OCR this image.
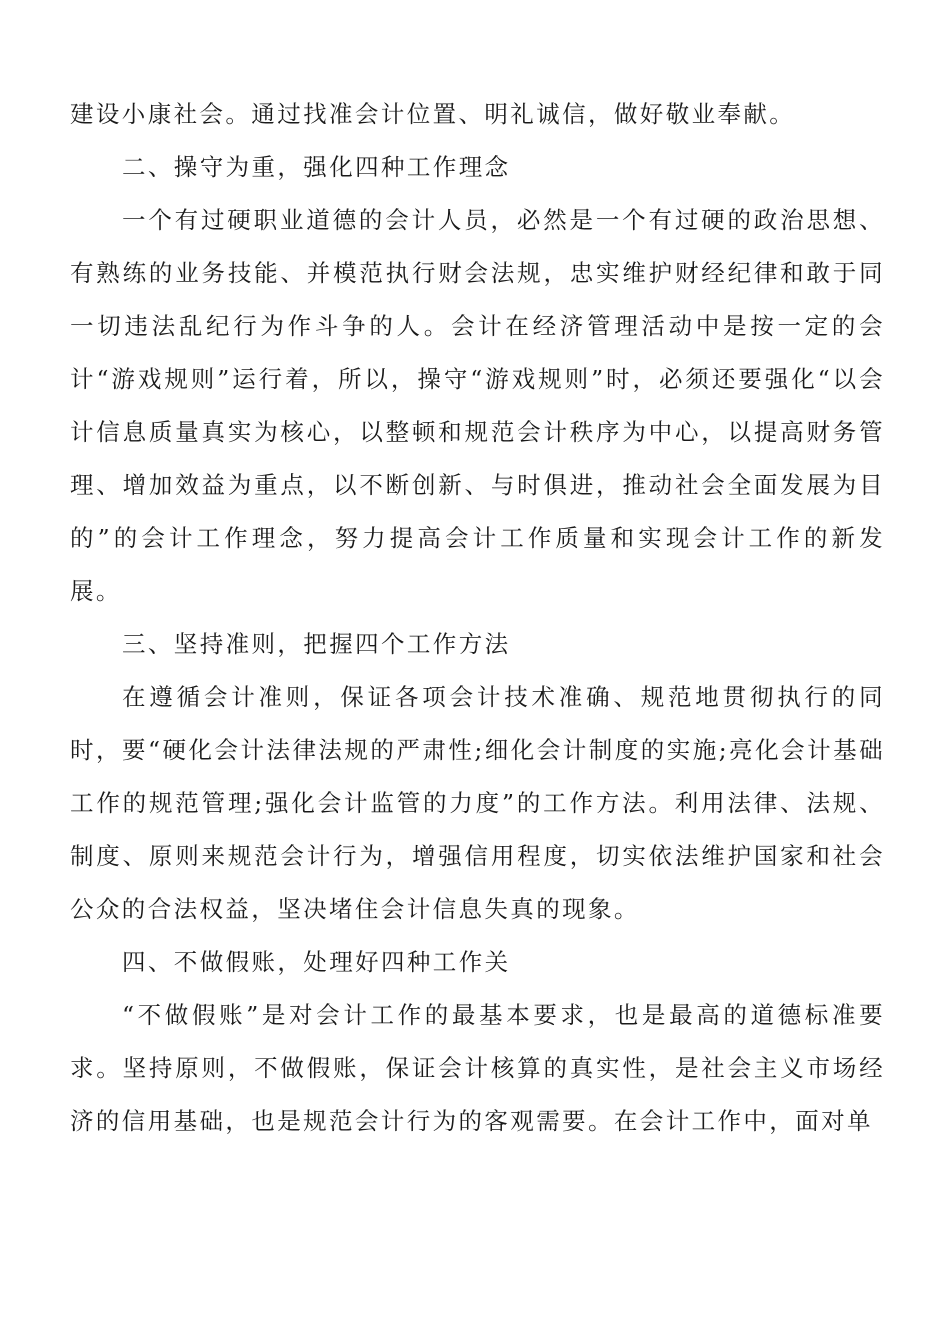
建设小康社会。通过找准会计位置、明礼诚信，做好敬业奉献。

二、操守为重，强化四种工作理念

一个有过硬职业道德的会计人员，必然是一个有过硬的政治思想、有熟练的业务技能、并模范执行财会法规，忠实维护财经纪律和敢于同一切违法乱纪行为作斗争的人。会计在经济管理活动中是按一定的会计“游戏规则”运行着，所以，操守“游戏规则”时，必须还要强化“以会计信息质量真实为核心，以整顿和规范会计秩序为中心，以提高财务管理、增加效益为重点，以不断创新、与时俱进，推动社会全面发展为目的”的会计工作理念，努力提高会计工作质量和实现会计工作的新发展。

三、坚持准则，把握四个工作方法

在遵循会计准则，保证各项会计技术准确、规范地贯彻执行的同时，要“硬化会计法律法规的严肃性;细化会计制度的实施;亮化会计基础工作的规范管理;强化会计监管的力度”的工作方法。利用法律、法规、制度、原则来规范会计行为，增强信用程度，切实依法维护国家和社会公众的合法权益，坚决堵住会计信息失真的现象。

四、不做假账，处理好四种工作关

“不做假账”是对会计工作的最基本要求，也是最高的道德标准要求。坚持原则，不做假账，保证会计核算的真实性，是社会主义市场经济的信用基础，也是规范会计行为的客观需要。在会计工作中，面对单
